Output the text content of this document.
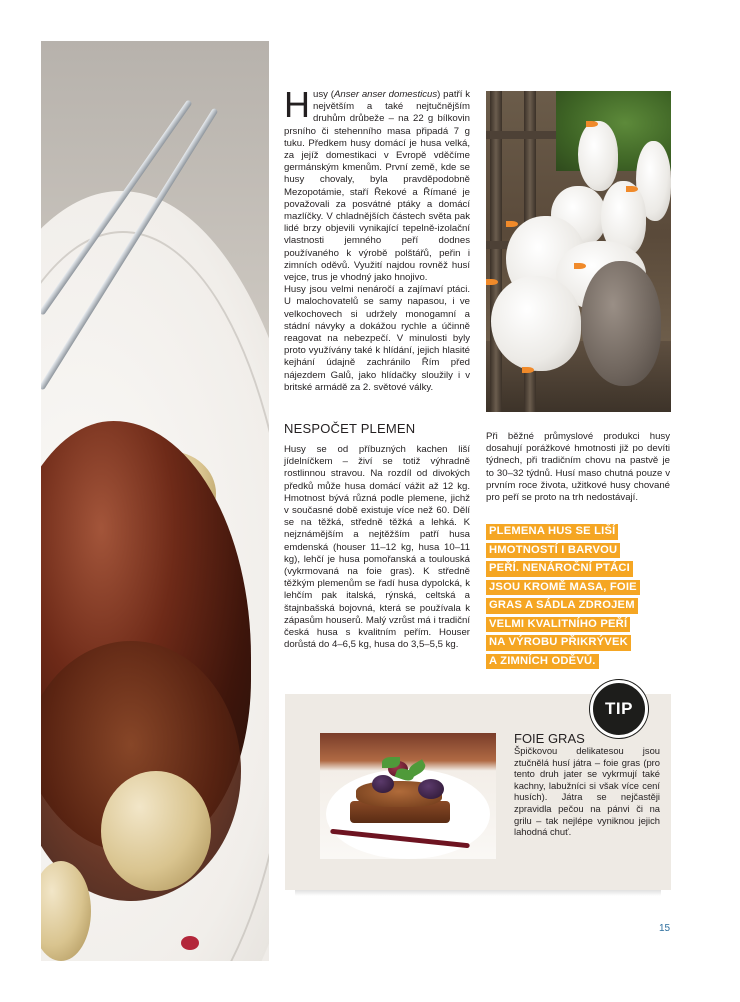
Husy (Anser anser domesticus) patří k největším a také nejtučnějším druhům drůbeže – na 22 g bílkovin prsního či stehenního masa připadá 7 g tuku. Předkem husy domácí je husa velká, za jejíž domestikaci v Evropě vděčíme germánským kmenům. První země, kde se husy chovaly, byla pravděpodobně Mezopotámie, staří Řekové a Římané je považovali za posvátné ptáky a domácí mazlíčky. V chladnějších částech světa pak lidé brzy objevili vynikající tepelně-izolační vlastnosti jemného peří dodnes používaného k výrobě polštářů, peřin i zimních oděvů. Využití najdou rovněž husí vejce, trus je vhodný jako hnojivo.

Husy jsou velmi nenáročí a zajímaví ptáci. U malochovatelů se samy napasou, i ve velkochovech si udržely monogamní a stádní návyky a dokážou rychle a účinně reagovat na nebezpečí. V minulosti byly proto využívány také k hlídání, jejich hlasité kejhání údajně zachránilo Řím před nájezdem Galů, jako hlídačky sloužily i v britské armádě za 2. světové války.

NESPOČET PLEMEN

Husy se od příbuzných kachen liší jídelníčkem – živí se totiž výhradně rostlinnou stravou. Na rozdíl od divokých předků může husa domácí vážit až 12 kg. Hmotnost bývá různá podle plemene, jichž v současné době existuje více než 60. Dělí se na těžká, středně těžká a lehká. K nejznámějším a nejtěžším patří husa emdenská (houser 11–12 kg, husa 10–11 kg), lehčí je husa pomořanská a toulouská (vykrmovaná na foie gras). K středně těžkým plemenům se řadí husa dypolcká, k lehčím pak italská, rýnská, celtská a štajnbašská bojovná, která se používala k zápasům houserů. Malý vzrůst má i tradiční česká husa s kvalitním peřím. Houser dorůstá do 4–6,5 kg, husa do 3,5–5,5 kg.

Při běžné průmyslové produkci husy dosahují porážkové hmotnosti již po devíti týdnech, při tradičním chovu na pastvě je to 30–32 týdnů. Husí maso chutná pouze v prvním roce života, užitkové husy chované pro peří se proto na trh nedostávají.

PLEMENA HUS SE LIŠÍ
HMOTNOSTÍ I BARVOU
PEŘÍ. NENÁROČNÍ PTÁCI
JSOU KROMĚ MASA, FOIE
GRAS A SÁDLA ZDROJEM
VELMI KVALITNÍHO PEŘÍ
NA VÝROBU PŘIKRÝVEK
A ZIMNÍCH ODĚVŮ.
TIP
FOIE GRAS
Špičkovou delikatesou jsou ztučnělá husí játra – foie gras (pro tento druh jater se vykrmují také kachny, labužníci si však více cení husích). Játra se nejčastěji zpravidla pečou na pánvi či na grilu – tak nejlépe vyniknou jejich lahodná chuť.
15
